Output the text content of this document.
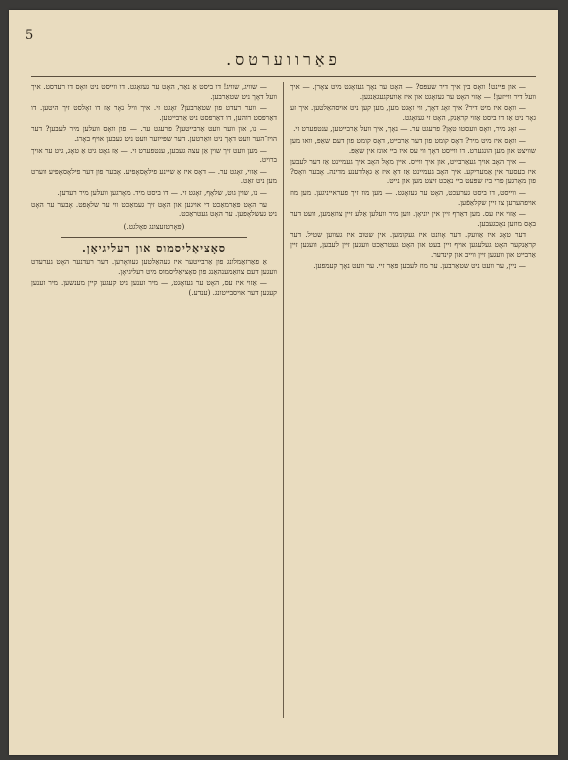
פאַרווערטס.
5

— און פּיינט! וואָס בין איך דיר שעפּס? — האָט ער נאָך געזאָגט מיט צאָרן. — איך וועל דיר ווייזען! — אַזוי האָט ער געזאָגט און איז אַוועקגעגאַנגען.

— וואָס איז מיט דיר? איך זאָג דאָך, ווי זאָגט מען, מען קען ניט אויסהאַלטען. איך זע גאָר ניט אַז דו ביסט אַזוי קראַנק, האָט זי געזאָגט.

— זאָג מיר, וואָס וועסטו טאָן? פרעגט ער. — נאָך, איך וועל אַרבייטען, ענטפערט זי.

— וואָס איז מיט מיר? דאָס קומט פון דער אַרבייט, דאָס קומט פון דעם שאַפּ, וואו מען שוויצט און מען הונגערט. דו ווייסט דאָך ווי עס איז ביי אונז אין שאַפּ.

— איך האָב אויך געאַרבייט, און איך ווייס. איין מאָל האָב איך געמיינט אַז דער לעבען איז בעסער אין אַמעריקע. איך האָב געמיינט אַז דאָ איז אַ גאָלדענע מדינה. אָבער וואָס? פון מאָרגען פרי ביז שפּעט ביי נאַכט זיצט מען און נייט.

— ווייסט, דו ביסט גערעכט, האָט ער געזאָגט. — מען מוז זיך פעראייניגען. מען מוז אויפהערען צו זיין שקלאַפֿען.

— אַזוי איז עס. מען דאַרף זיין אין יוניאָן. ווען מיר וועלען אַלע זיין צוזאַמען, וועט דער באָס מוזען נאָכגעבען.

דער טאָג איז אַוועק. דער אָוונט איז געקומען. אין שטוב איז געווען שטיל. דער קראַנקער האָט געלעגען אויף זיין בעט און האָט געטראַכט וועגען זיין לעבען, וועגען זיין אַרבייט און וועגען זיין ווייב און קינדער.

— ניין, ער וועט ניט שטאַרבען. ער מוז לעבען פאַר זיי. ער וועט נאָך קעמפען.

— שוויג, שוויג! דו ביסט אַ נאַר, האָט ער געזאָגט. דו ווייסט ניט וואָס דו רעדסט. איך וועל דאָך ניט שטאַרבען.

— ווער רעדט פון שטאַרבען? זאָגט זי. איך וויל נאָר אַז דו זאָלסט זיך היטען. דו דאַרפסט רוהען, דו דאַרפסט ניט אַרבייטען.

— נו, און ווער וועט אַרבייטען? פרעגט ער. — פון וואָס וועלען מיר לעבען? דער הויז־הער וועט דאָך ניט וואַרטען. דער שפּייזער וועט ניט געבען אויף באָרג.

— מען וועט זיך שוין אַן עצה געבען, ענטפערט זי. — אַז גאָט גיט אַ טאָג, גיט ער אויך ברויט.

— אַזוי, זאָגט ער. — דאָס איז אַ שיינע פילאָסאָפיע. אָבער פון דער פילאָסאָפיע ווערט מען ניט זאַט.

— נו, שוין גוט, שלאָף, זאָגט זי. — דו ביסט מיד. מאָרגען וועלען מיר רעדען.

ער האָט פאַרמאַכט די אויגען און האָט זיך געמאַכט ווי ער שלאָפט. אָבער ער האָט ניט געשלאָפען. ער האָט געטראַכט.

(פאָרטזעצונג פאָלגט.)
סאָציאַליסמוס און רעליגיאָן.

אַ פאַרזאַמלונג פון אַרבייטער איז געהאַלטען געוואָרען. דער רעדנער האָט גערעדט וועגען דעם צוזאַמענהאַנג פון סאָציאַליסמוס מיט רעליגיאָן.

— אַזוי איז עס, האָט ער געזאָגט, — מיר זענען ניט קעגען קיין מענשען. מיר זענען קעגען דער אויסבייטונג. (ענדע.)
